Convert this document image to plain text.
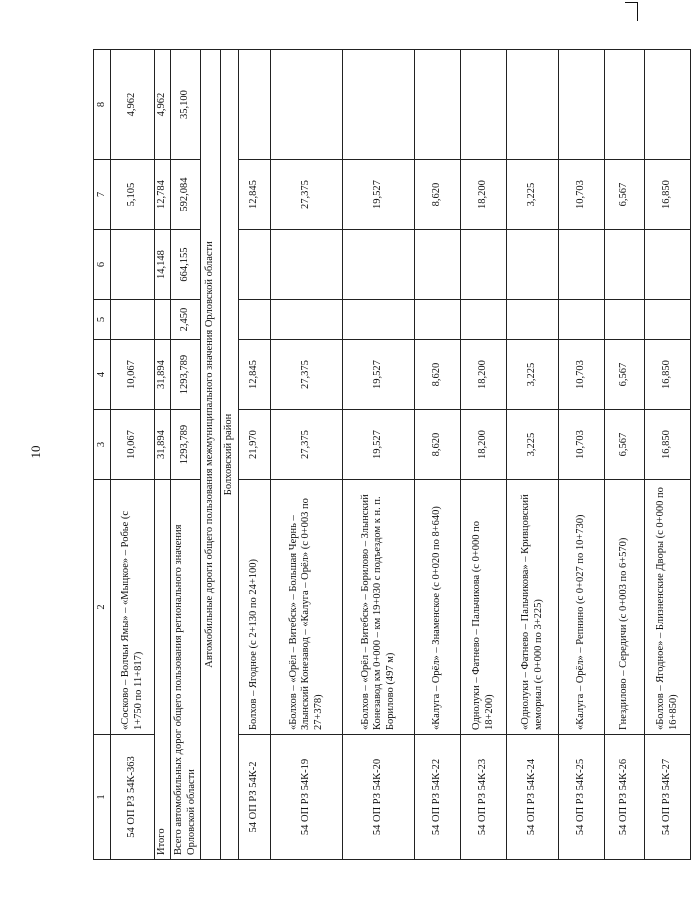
10
1	2	3	4	5	6	7	8
54 ОП РЗ 54К-363	«Сосково – Волчьи Ямы» – «Мыцкое» – Робье (с 1+750 по 11+817)	10,067	10,067			5,105	4,962
Итого		31,894	31,894		14,148	12,784	4,962
Всего автомобильных дорог общего пользования регионального значения Орловской области		1293,789	1293,789	2,450	664,155	592,084	35,100
Автомобильные дороги общего пользования межмуниципального значения Орловской области							
Болховский район							
54 ОП РЗ 54К-2	Болхов – Ягодное (с 2+130 по 24+100)	21,970	12,845			12,845	
54 ОП РЗ 54К-19	«Болхов – «Орёл – Витебск» – Большая Чернь – Злынский Конезавод – «Калуга – Орёл» (с 0+003 по 27+378)	27,375	27,375			27,375	
54 ОП РЗ 54К-20	«Болхов – «Орёл – Витебск» – Борилово – Злынский Конезавод км 0+000 – км 19+030 с подъездом к н. п. Борилово (497 м)	19,527	19,527			19,527	
54 ОП РЗ 54К-22	«Калуга – Орёл» – Знаменское (с 0+020 по 8+640)	8,620	8,620			8,620	
54 ОП РЗ 54К-23	Однолуки – Фатнево – Пальчикова (с 0+000 по 18+200)	18,200	18,200			18,200	
54 ОП РЗ 54К-24	«Однолуки – Фатнево – Пальчикова» – Кривцовский мемориал (с 0+000 по 3+225)	3,225	3,225			3,225	
54 ОП РЗ 54К-25	«Калуга – Орёл» – Репнино (с 0+027 по 10+730)	10,703	10,703			10,703	
54 ОП РЗ 54К-26	Гнездилово – Середичи (с 0+003 по 6+570)	6,567	6,567			6,567	
54 ОП РЗ 54К-27	«Болхов – Ягодное» – Близненские Дворы (с 0+000 по 16+850)	16,850	16,850			16,850	
